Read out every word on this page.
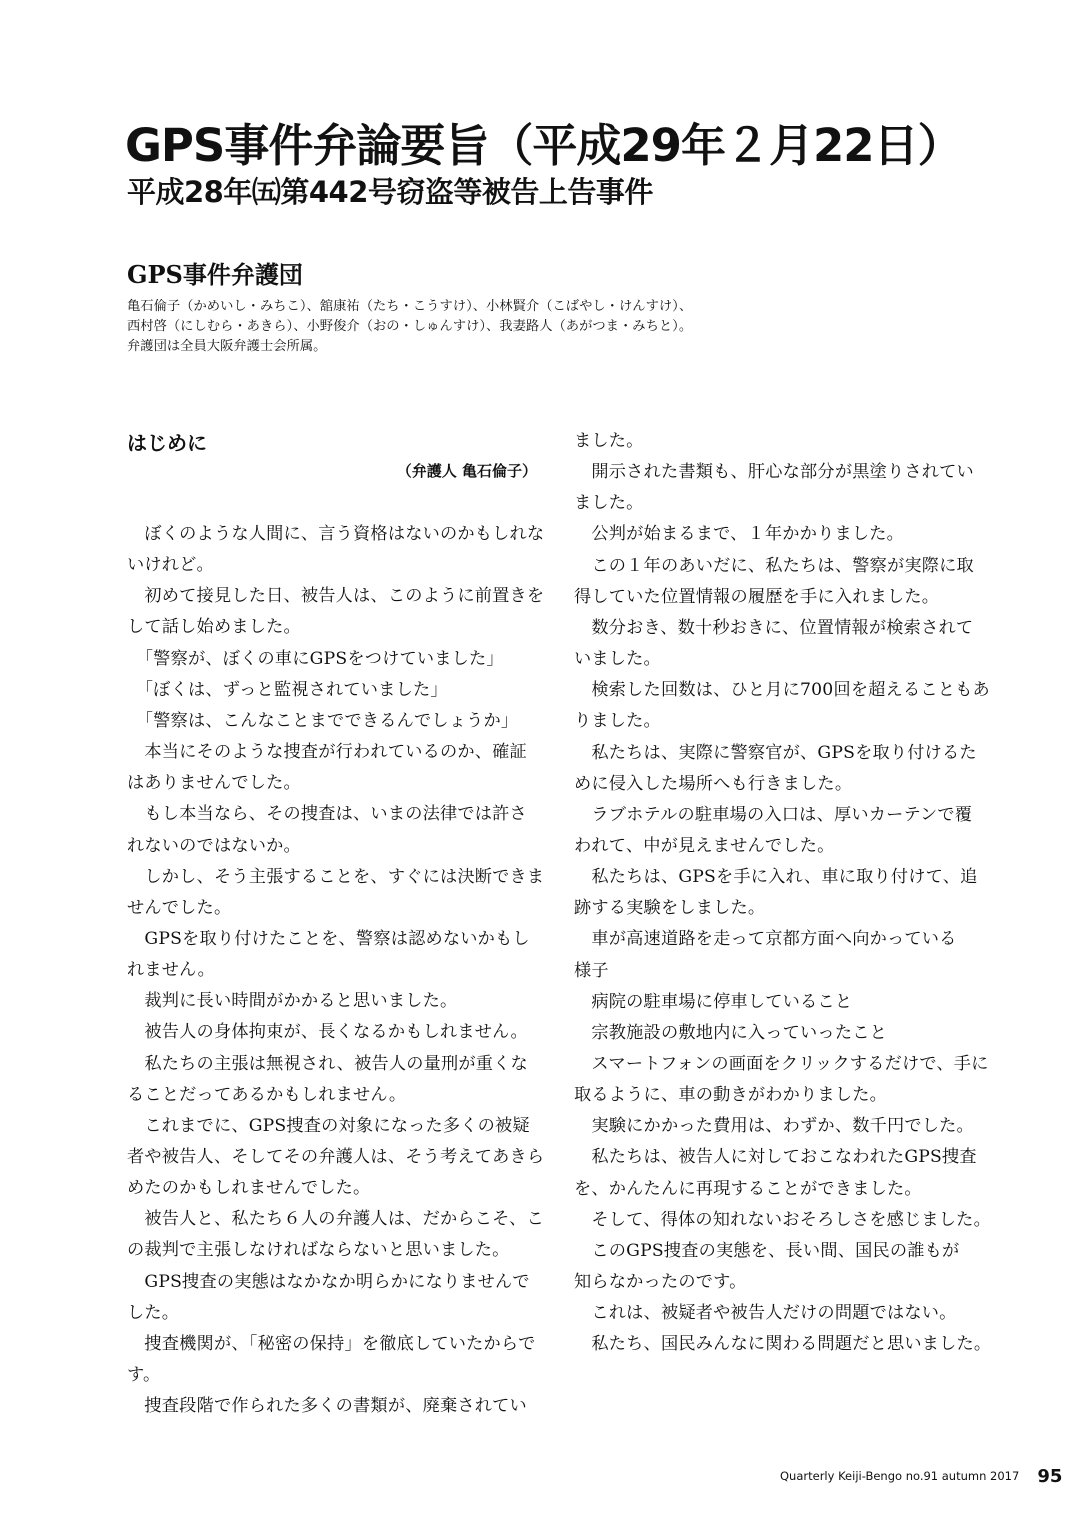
GPS事件弁論要旨（平成29年２月22日）
平成28年㈤第442号窃盗等被告上告事件
GPS事件弁護団
亀石倫子（かめいし・みちこ）、舘康祐（たち・こうすけ）、小林賢介（こばやし・けんすけ）、
西村啓（にしむら・あきら）、小野俊介（おの・しゅんすけ）、我妻路人（あがつま・みちと）。
弁護団は全員大阪弁護士会所属。
はじめに
（弁護人 亀石倫子）
　ぼくのような人間に、言う資格はないのかもしれな
いけれど。
　初めて接見した日、被告人は、このように前置きを
して話し始めました。
　「警察が、ぼくの車にGPSをつけていました」
　「ぼくは、ずっと監視されていました」
　「警察は、こんなことまでできるんでしょうか」
　本当にそのような捜査が行われているのか、確証
はありませんでした。
　もし本当なら、その捜査は、いまの法律では許さ
れないのではないか。
　しかし、そう主張することを、すぐには決断できま
せんでした。
　GPSを取り付けたことを、警察は認めないかもし
れません。
　裁判に長い時間がかかると思いました。
　被告人の身体拘束が、長くなるかもしれません。
　私たちの主張は無視され、被告人の量刑が重くな
ることだってあるかもしれません。
　これまでに、GPS捜査の対象になった多くの被疑
者や被告人、そしてその弁護人は、そう考えてあきら
めたのかもしれませんでした。
　被告人と、私たち６人の弁護人は、だからこそ、こ
の裁判で主張しなければならないと思いました。
　GPS捜査の実態はなかなか明らかになりませんで
した。
　捜査機関が、「秘密の保持」を徹底していたからで
す。
　捜査段階で作られた多くの書類が、廃棄されてい
ました。
　開示された書類も、肝心な部分が黒塗りされてい
ました。
　公判が始まるまで、１年かかりました。
　この１年のあいだに、私たちは、警察が実際に取
得していた位置情報の履歴を手に入れました。
　数分おき、数十秒おきに、位置情報が検索されて
いました。
　検索した回数は、ひと月に700回を超えることもあ
りました。
　私たちは、実際に警察官が、GPSを取り付けるた
めに侵入した場所へも行きました。
　ラブホテルの駐車場の入口は、厚いカーテンで覆
われて、中が見えませんでした。
　私たちは、GPSを手に入れ、車に取り付けて、追
跡する実験をしました。
　車が高速道路を走って京都方面へ向かっている
様子
　病院の駐車場に停車していること
　宗教施設の敷地内に入っていったこと
　スマートフォンの画面をクリックするだけで、手に
取るように、車の動きがわかりました。
　実験にかかった費用は、わずか、数千円でした。
　私たちは、被告人に対しておこなわれたGPS捜査
を、かんたんに再現することができました。
　そして、得体の知れないおそろしさを感じました。
　このGPS捜査の実態を、長い間、国民の誰もが
知らなかったのです。
　これは、被疑者や被告人だけの問題ではない。
　私たち、国民みんなに関わる問題だと思いました。
Quarterly Keiji-Bengo no.91 autumn 2017 95
